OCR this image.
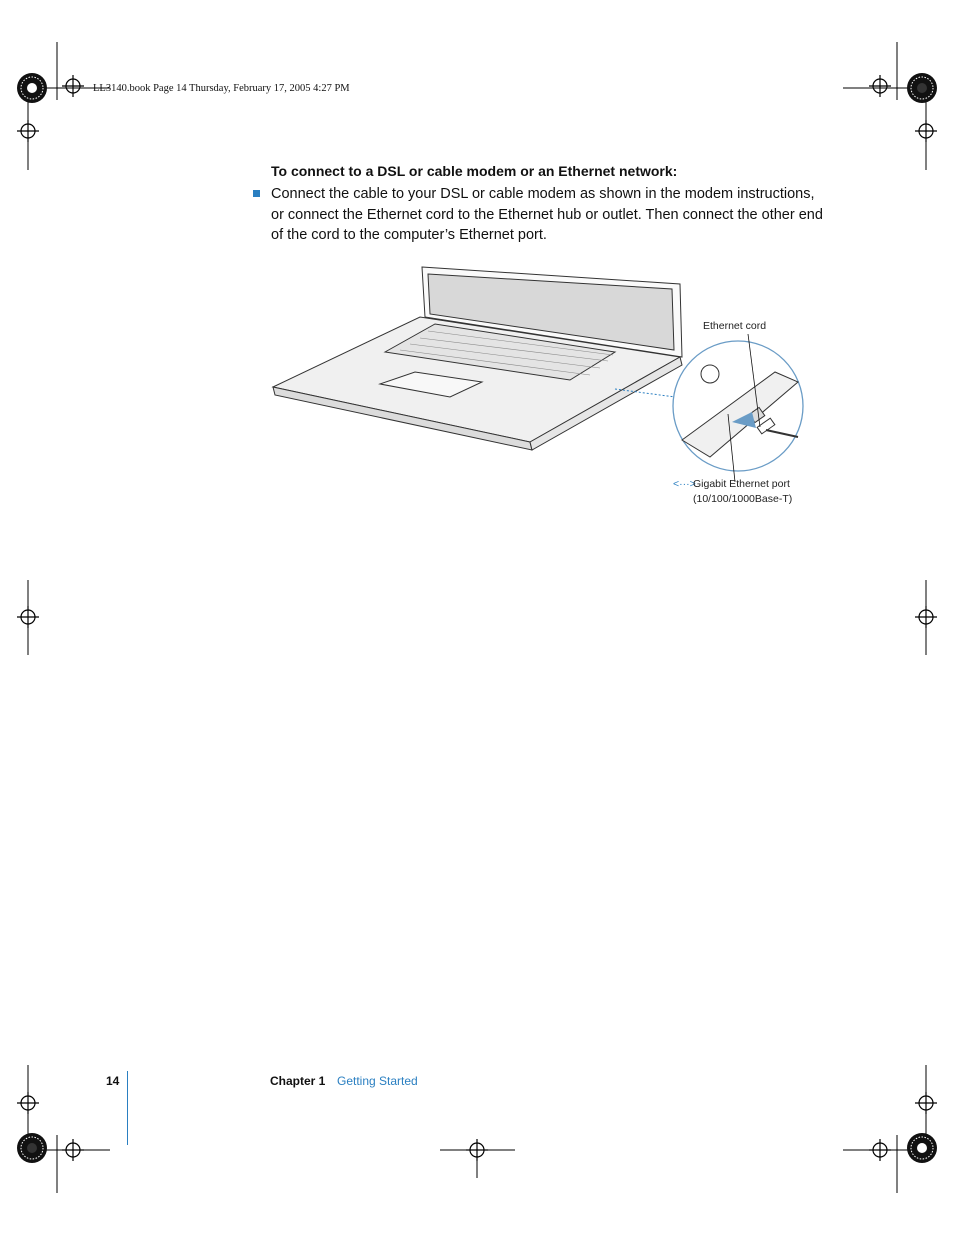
LL3140.book Page 14 Thursday, February 17, 2005 4:27 PM
To connect to a DSL or cable modem or an Ethernet network:
Connect the cable to your DSL or cable modem as shown in the modem instructions, or connect the Ethernet cord to the Ethernet hub or outlet. Then connect the other end of the cord to the computer’s Ethernet port.
Ethernet cord
<···>
Gigabit Ethernet port
(10/100/1000Base-T)
14	Chapter 1 Getting Started
